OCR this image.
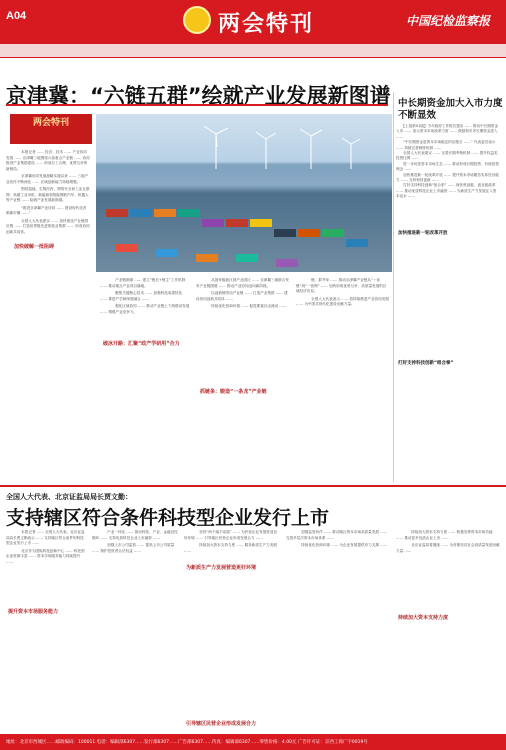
A04	两会特刊	中国纪检监察报
京津冀：“六链五群”绘就产业发展新图谱
两会特刊

　　本报记者 …… 经济、技术 …… 产业协同发展 …… 京津冀三地围绕六条重点产业链 …… 协同推进产业集群建设 …… 形成分工合理、优势互补的新格局。

　　京津冀协同发展战略实施以来 …… 三地产业协作不断深化 …… 区域创新能力持续增强。

　　围绕氢能、生物医药、网络安全和工业互联网、高端工业母机、新能源和智能网联汽车、机器人等产业链 …… 绘就产业发展新图谱。

　　“推进京津冀产业协同 …… 建设现代化首都都市圈 ……”

　　全国人大代表建议 …… 加快建设产业链供应链 …… 打造世界级先进制造业集群 …… 形成协同创新共同体。

加快破解一批阻碍

　　产业链图谱 …… 建立“链长+链主”工作机制 …… 推动重点产业项目落地。

　　聚焦关键核心技术 …… 加强科技成果转化 …… 推进产学研深度融合 ……

　　强化区域协同 …… 推动产业链上下游联动发展 …… 增强产业竞争力。

破冰开路：汇聚“政产学研用”合力

　　从国家级新区到产业园区 …… 京津冀三地联合发布产业链图谱 …… 推动产业协同迈向新阶段。

　　以创新链带动产业链 …… 打造产业集群 …… 建设协同创新共同体 ……

　　持续优化营商环境 …… 促进要素自由流动 ……

抓链条：锻造“一条龙”产业链

　　链、群并举 …… 推动京津冀产业链从“一条链”到“一张网” …… 加快形成优势互补、高质量发展的区域经济布局。

　　全国人大代表表示 …… 将持续推进产业协同发展 …… 为中国式现代化建设贡献力量。

中长期资金加大入市力度不断显效

　　【上接第01版】今年政府工作报告提出 …… 推动中长期资金入市 …… 加大资本市场改革力度 …… 鼓励和引导长期资金进入 ……

　　“中长期资金是资本市场稳定的压舱石 ……” 代表委员表示 …… 持续完善制度机制 ……

　　全国人大代表建议 …… 完善长期考核机制 …… 提升权益类投资比例 ……

　　进一步优化资本市场生态 …… 推动形成长期投资、价值投资理念 ……

　　加快推进新一轮改革开放 …… 提升资本市场服务实体经济能力 …… 支持科技创新 ……

　　打好支持科技创新“组合拳” …… 深化科创板、创业板改革 …… 推动优质科技企业上市融资 …… 为新质生产力发展注入资本活水 ……

加快推进新一轮改革开放
打好支持科技创新“组合拳”
全国人大代表、北京证监局局长贾文勤：
支持辖区符合条件科技型企业发行上市

　　本报记者 …… 全国人大代表、北京证监局局长贾文勤表示 …… 支持辖区符合条件的科技型企业发行上市 ……

　　北京作为国际科技创新中心 …… 科技型企业资源丰富 …… 资本市场服务能力持续提升 ……

提升资本市场服务能力

　　产业一体化 …… 推动科技、产业、金融良性循环 …… 支持优质科技企业上市融资 ……

　　加强上市公司监管 …… 提高上市公司质量 …… 保护投资者合法权益 ……

　　坚持“两个毫不动摇” …… 为民营企业发展营造良好环境 …… 引导辖区民营企业形成发展合力 ……

　　持续加大资本支持力度 …… 服务新质生产力发展 ……

为新质生产力发展营造更好环境
引导辖区民营企业形成发展合力

　　加强监管协作 …… 推动辖区资本市场高质量发展 …… 完善多层次资本市场体系 ……

　　持续优化营商环境 …… 为企业发展提供有力支撑 ……

　　持续加大资本支持力度 …… 积极发挥资本市场功能 …… 推动更多优质企业上市 ……

　　北京证监局将继续 …… 为首都经济社会高质量发展贡献力量 ……

持续加大资本支持力度
地址：北京市西城区……邮政编码：100011 电话：编辑部6307……发行部6307……广告部6307……传真：编辑部6307……零售价格：4.00元 广告许可证：京西工商广字0019号
